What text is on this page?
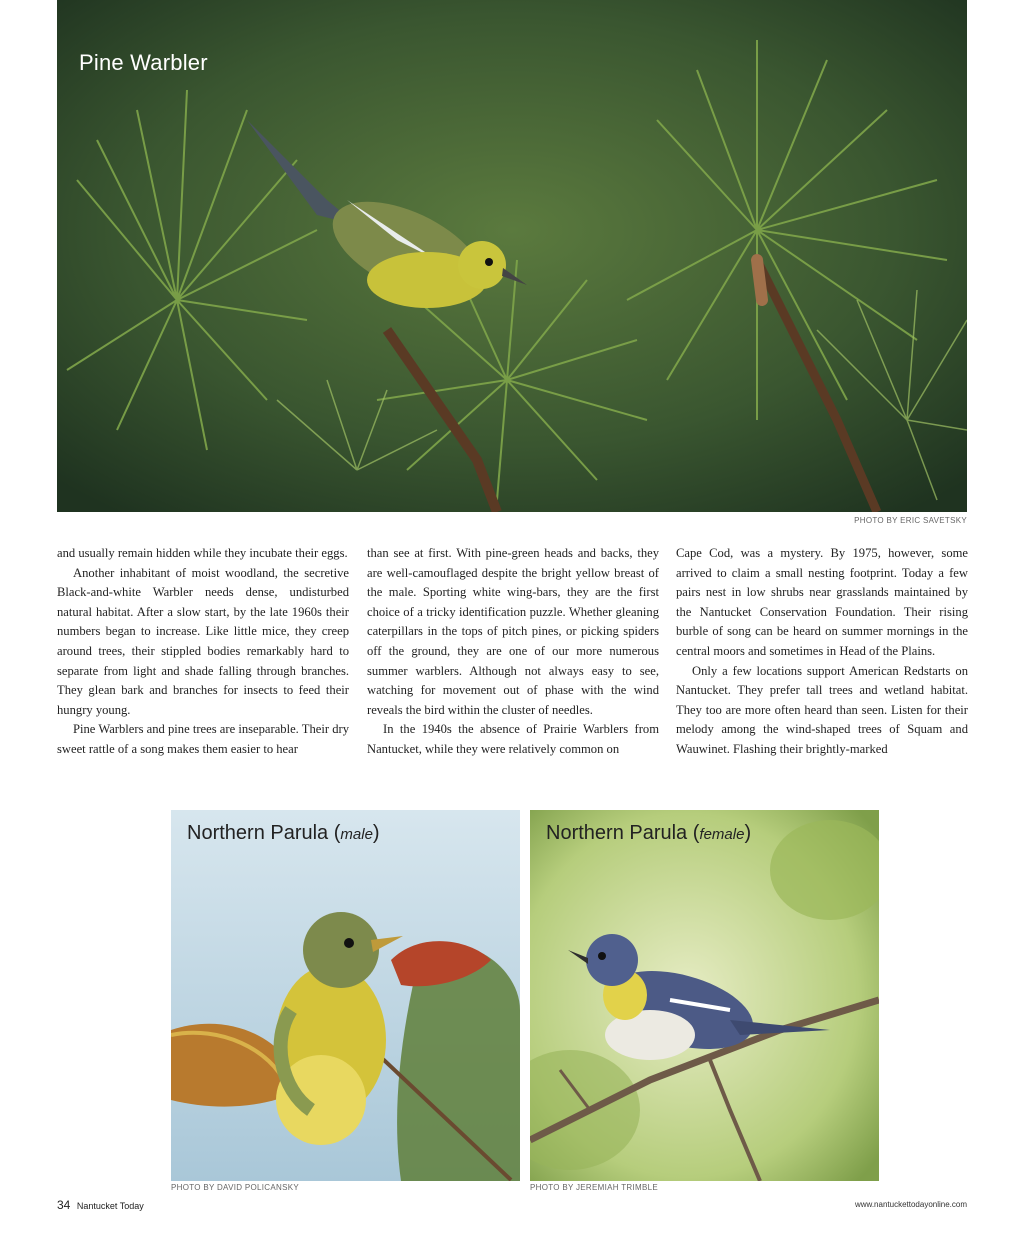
Pine Warbler
PHOTO BY ERIC SAVETSKY

and usually remain hidden while they incubate their eggs.

Another inhabitant of moist woodland, the secretive Black-and-white Warbler needs dense, undisturbed natural habitat. After a slow start, by the late 1960s their numbers began to increase. Like little mice, they creep around trees, their stippled bodies remarkably hard to separate from light and shade falling through branches. They glean bark and branches for insects to feed their hungry young.

Pine Warblers and pine trees are inseparable. Their dry sweet rattle of a song makes them easier to hear

than see at first. With pine-green heads and backs, they are well-camouflaged despite the bright yellow breast of the male. Sporting white wing-bars, they are the first choice of a tricky identification puzzle. Whether gleaning caterpillars in the tops of pitch pines, or picking spiders off the ground, they are one of our more numerous summer warblers. Although not always easy to see, watching for movement out of phase with the wind reveals the bird within the cluster of needles.

In the 1940s the absence of Prairie Warblers from Nantucket, while they were relatively common on

Cape Cod, was a mystery. By 1975, however, some arrived to claim a small nesting footprint. Today a few pairs nest in low shrubs near grasslands maintained by the Nantucket Conservation Foundation. Their rising burble of song can be heard on summer mornings in the central moors and sometimes in Head of the Plains.

Only a few locations support American Redstarts on Nantucket. They prefer tall trees and wetland habitat. They too are more often heard than seen. Listen for their melody among the wind-shaped trees of Squam and Wauwinet. Flashing their brightly-marked

Northern Parula (male)
PHOTO BY DAVID POLICANSKY
Northern Parula (female)
PHOTO BY JEREMIAH TRIMBLE
34 Nantucket Today	www.nantuckettodayonline.com
